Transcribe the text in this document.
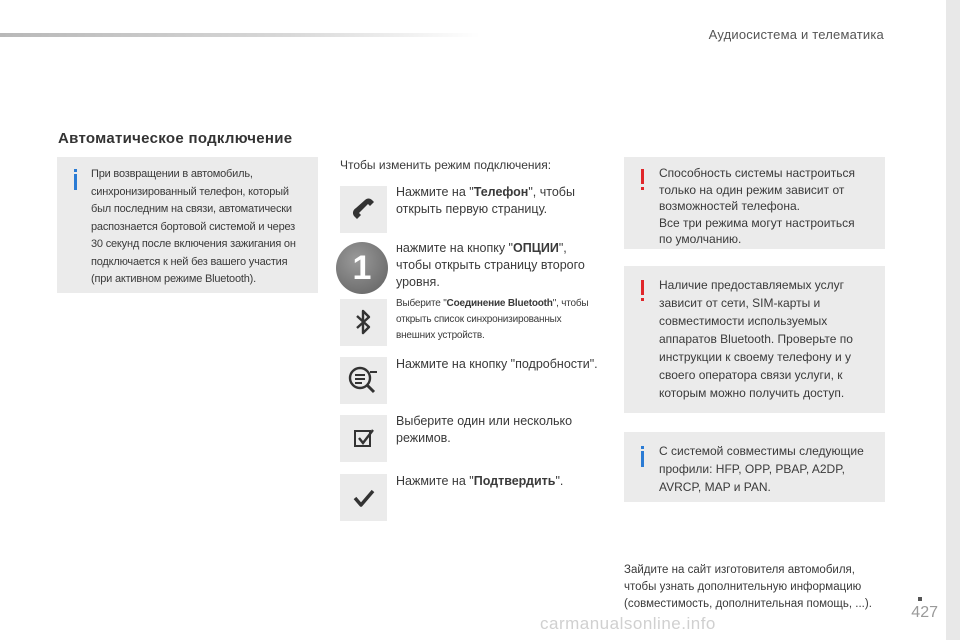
Аудиосистема и телематика
Автоматическое подключение
При возвращении в автомобиль,
синхронизированный телефон, который
был последним на связи, автоматически
распознается бортовой системой и через
30 секунд после включения зажигания он
подключается к ней без вашего участия
(при активном режиме Bluetooth).
Чтобы изменить режим подключения:
Нажмите на "Телефон", чтобы
открыть первую страницу.
1
нажмите на кнопку "ОПЦИИ",
чтобы открыть страницу второго
уровня.
Выберите "Соединение Bluetooth", чтобы
открыть список синхронизированных
внешних устройств.
Нажмите на кнопку "подробности".
Выберите один или несколько
режимов.
Нажмите на "Подтвердить".
Способность системы настроиться
только на один режим зависит от
возможностей телефона.
Все три режима могут настроиться
по умолчанию.
Наличие предоставляемых услуг
зависит от сети, SIM-карты и
совместимости используемых
аппаратов Bluetooth. Проверьте по
инструкции к своему телефону и у
своего оператора связи услуги, к
которым можно получить доступ.
С системой совместимы следующие
профили: HFP, OPP, PBAP, A2DP,
AVRCP, MAP и PAN.
Зайдите на сайт изготовителя автомобиля,
чтобы узнать дополнительную информацию
(совместимость, дополнительная помощь, ...). 427
carmanualsonline.info
